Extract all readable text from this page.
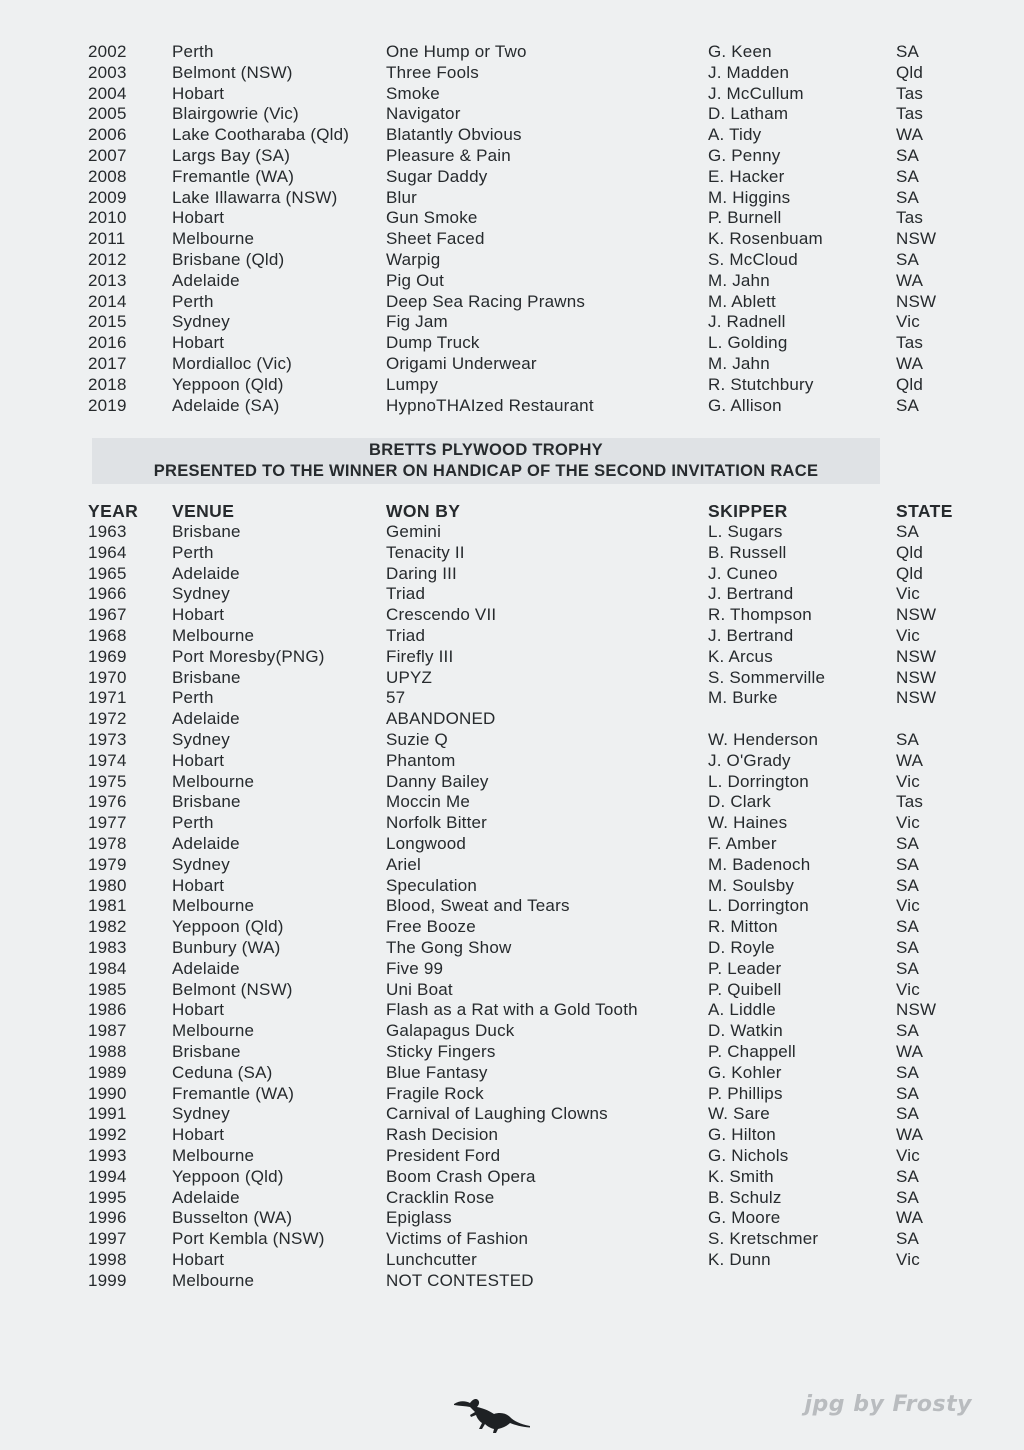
2002	Perth	One Hump or Two	G. Keen	SA
2003	Belmont (NSW)	Three Fools	J. Madden	Qld
2004	Hobart	Smoke	J. McCullum	Tas
2005	Blairgowrie (Vic)	Navigator	D. Latham	Tas
2006	Lake Cootharaba (Qld)	Blatantly Obvious	A. Tidy	WA
2007	Largs Bay (SA)	Pleasure & Pain	G. Penny	SA
2008	Fremantle (WA)	Sugar Daddy	E. Hacker	SA
2009	Lake Illawarra (NSW)	Blur	M. Higgins	SA
2010	Hobart	Gun Smoke	P. Burnell	Tas
2011	Melbourne	Sheet Faced	K. Rosenbuam	NSW
2012	Brisbane (Qld)	Warpig	S. McCloud	SA
2013	Adelaide	Pig Out	M. Jahn	WA
2014	Perth	Deep Sea Racing Prawns	M. Ablett	NSW
2015	Sydney	Fig Jam	J. Radnell	Vic
2016	Hobart	Dump Truck	L. Golding	Tas
2017	Mordialloc (Vic)	Origami Underwear	M. Jahn	WA
2018	Yeppoon (Qld)	Lumpy	R. Stutchbury	Qld
2019	Adelaide (SA)	HypnoTHAIzed Restaurant	G. Allison	SA
BRETTS PLYWOOD TROPHY
PRESENTED TO THE WINNER ON HANDICAP OF THE SECOND INVITATION RACE
YEAR	VENUE	WON BY	SKIPPER	STATE
1963	Brisbane	Gemini	L. Sugars	SA
1964	Perth	Tenacity II	B. Russell	Qld
1965	Adelaide	Daring III	J. Cuneo	Qld
1966	Sydney	Triad	J. Bertrand	Vic
1967	Hobart	Crescendo VII	R. Thompson	NSW
1968	Melbourne	Triad	J. Bertrand	Vic
1969	Port Moresby(PNG)	Firefly III	K. Arcus	NSW
1970	Brisbane	UPYZ	S. Sommerville	NSW
1971	Perth	57	M. Burke	NSW
1972	Adelaide	ABANDONED		
1973	Sydney	Suzie Q	W. Henderson	SA
1974	Hobart	Phantom	J. O'Grady	WA
1975	Melbourne	Danny Bailey	L. Dorrington	Vic
1976	Brisbane	Moccin Me	D. Clark	Tas
1977	Perth	Norfolk Bitter	W. Haines	Vic
1978	Adelaide	Longwood	F. Amber	SA
1979	Sydney	Ariel	M. Badenoch	SA
1980	Hobart	Speculation	M. Soulsby	SA
1981	Melbourne	Blood, Sweat and Tears	L. Dorrington	Vic
1982	Yeppoon (Qld)	Free Booze	R. Mitton	SA
1983	Bunbury (WA)	The Gong Show	D. Royle	SA
1984	Adelaide	Five 99	P. Leader	SA
1985	Belmont (NSW)	Uni Boat	P. Quibell	Vic
1986	Hobart	Flash as a Rat with a Gold Tooth	A. Liddle	NSW
1987	Melbourne	Galapagus Duck	D. Watkin	SA
1988	Brisbane	Sticky Fingers	P. Chappell	WA
1989	Ceduna (SA)	Blue Fantasy	G. Kohler	SA
1990	Fremantle (WA)	Fragile Rock	P. Phillips	SA
1991	Sydney	Carnival of Laughing Clowns	W. Sare	SA
1992	Hobart	Rash Decision	G. Hilton	WA
1993	Melbourne	President Ford	G. Nichols	Vic
1994	Yeppoon (Qld)	Boom Crash Opera	K. Smith	SA
1995	Adelaide	Cracklin Rose	B. Schulz	SA
1996	Busselton (WA)	Epiglass	G. Moore	WA
1997	Port Kembla (NSW)	Victims of Fashion	S. Kretschmer	SA
1998	Hobart	Lunchcutter	K. Dunn	Vic
1999	Melbourne	NOT CONTESTED		
jpg by Frosty
